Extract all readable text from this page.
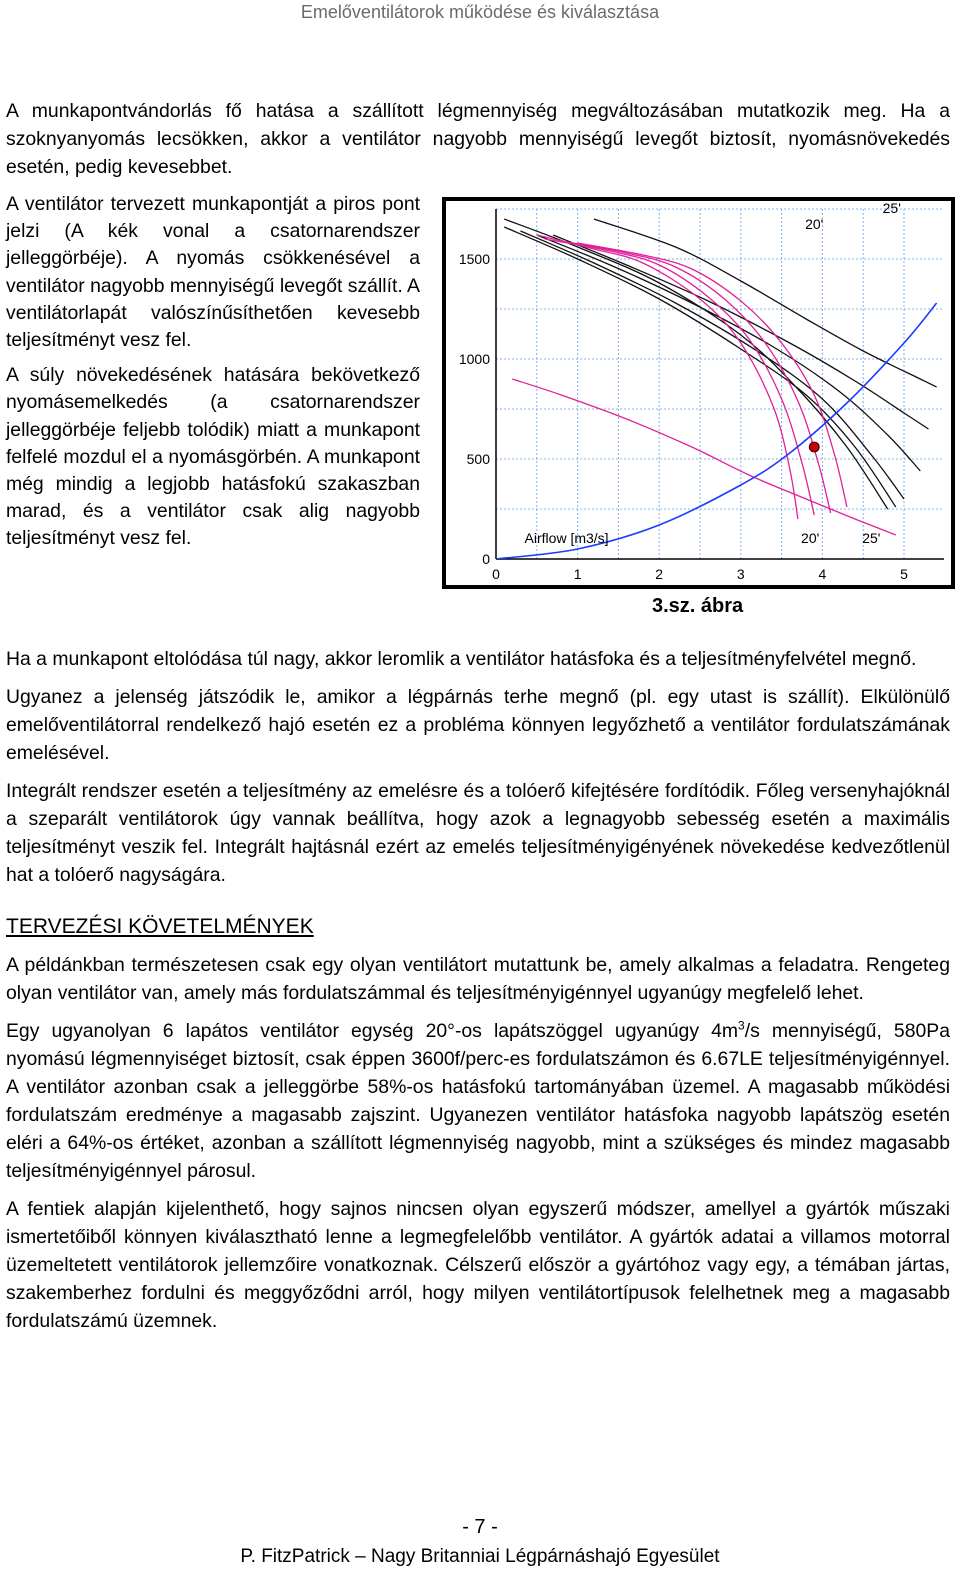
Emelőventilátorok működése és kiválasztása

A munkapontvándorlás fő hatása a szállított légmennyiség megváltozásában mutatkozik meg. Ha a szoknyanyomás lecsökken, akkor a ventilátor nagyobb mennyiségű levegőt biztosít, nyomásnövekedés esetén, pedig kevesebbet.

A ventilátor tervezett munkapontját a piros pont jelzi (A kék vonal a csatornarendszer jelleggörbéje). A nyomás csökkenésével a ventilátor nagyobb mennyiségű levegőt szállít. A ventilátorlapát valószínűsíthetően kevesebb teljesítményt vesz fel.

A súly növekedésének hatására bekövetkező nyomásemelkedés (a csatornarendszer jelleggörbéje feljebb tolódik) miatt a munkapont felfelé mozdul el a nyomásgörbén. A munkapont még mindig a legjobb hatásfokú szakaszban marad, és a ventilátor csak alig nagyobb teljesítményt vesz fel.

0	1	2	3	4	5
0
500
1000
1500
20'
25'
20'	25'
Airflow [m3/s]
3.sz. ábra

Ha a munkapont eltolódása túl nagy, akkor leromlik a ventilátor hatásfoka és a teljesítményfelvétel megnő.

Ugyanez a jelenség játszódik le, amikor a légpárnás terhe megnő (pl. egy utast is szállít). Elkülönülő emelőventilátorral rendelkező hajó esetén ez a probléma könnyen legyőzhető a ventilátor fordulatszámának emelésével.

Integrált rendszer esetén a teljesítmény az emelésre és a tolóerő kifejtésére fordítódik. Főleg versenyhajóknál a szeparált ventilátorok úgy vannak beállítva, hogy azok a legnagyobb sebesség esetén a maximális teljesítményt veszik fel. Integrált hajtásnál ezért az emelés teljesítményigényének növekedése kedvezőtlenül hat a tolóerő nagyságára.

TERVEZÉSI KÖVETELMÉNYEK

A példánkban természetesen csak egy olyan ventilátort mutattunk be, amely alkalmas a feladatra. Rengeteg olyan ventilátor van, amely más fordulatszámmal és teljesítményigénnyel ugyanúgy megfelelő lehet.

Egy ugyanolyan 6 lapátos ventilátor egység 20°-os lapátszöggel ugyanúgy $4m^3/s$ mennyiségű, 580Pa nyomású légmennyiséget biztosít, csak éppen 3600f/perc-es fordulatszámon és 6.67LE teljesítményigénnyel. A ventilátor azonban csak a jelleggörbe 58%-os hatásfokú tartományában üzemel. A magasabb működési fordulatszám eredménye a magasabb zajszint. Ugyanezen ventilátor hatásfoka nagyobb lapátszög esetén eléri a 64%-os értéket, azonban a szállított légmennyiség nagyobb, mint a szükséges és mindez magasabb teljesítményigénnyel párosul.

A fentiek alapján kijelenthető, hogy sajnos nincsen olyan egyszerű módszer, amellyel a gyártók műszaki ismertetőiből könnyen kiválasztható lenne a legmegfelelőbb ventilátor. A gyártók adatai a villamos motorral üzemeltetett ventilátorok jellemzőire vonatkoznak. Célszerű először a gyártóhoz vagy egy, a témában jártas, szakemberhez fordulni és meggyőződni arról, hogy milyen ventilátortípusok felelhetnek meg a magasabb fordulatszámú üzemnek.

- 7 -
P. FitzPatrick – Nagy Britanniai Légpárnáshajó Egyesület
